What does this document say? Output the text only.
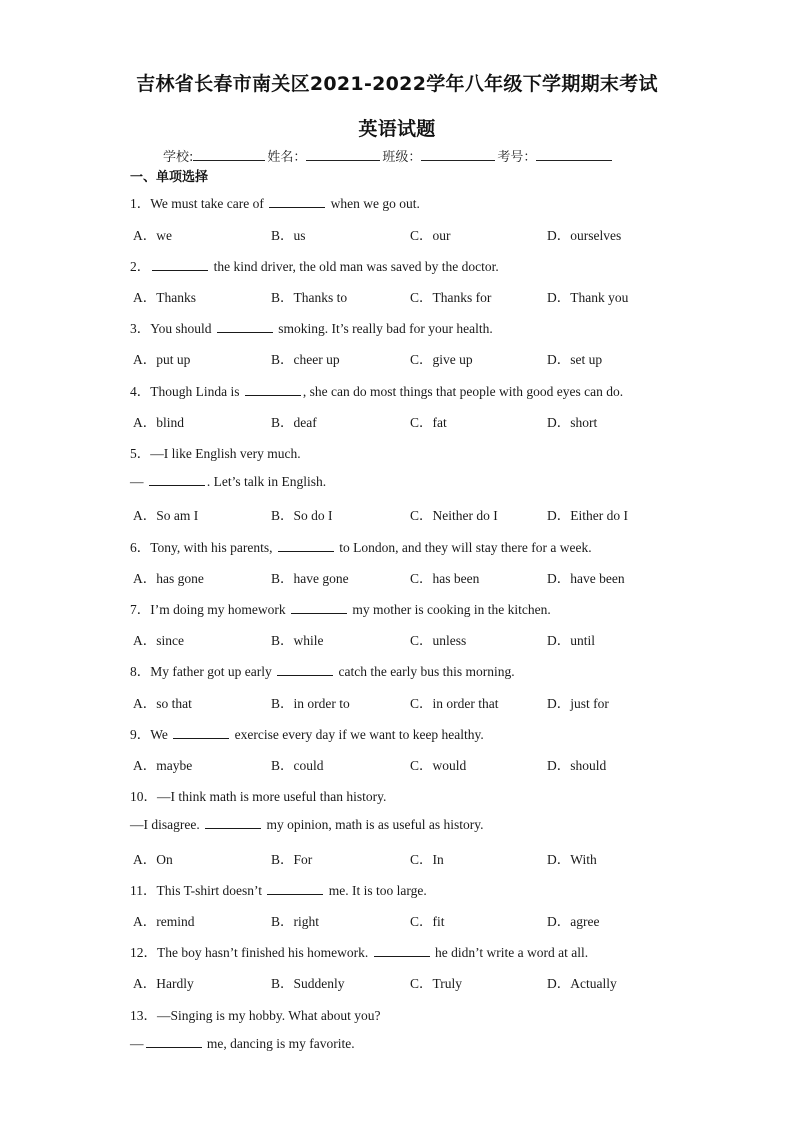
吉林省长春市南关区2021-2022学年八年级下学期期末考试
英语试题
学校:	姓名：	班级：	考号：
一、单项选择
1．We must take care of	when we go out.
A．we	B．us	C．our	D．ourselves
2．	the kind driver, the old man was saved by the doctor.
A．Thanks	B．Thanks to	C．Thanks for	D．Thank you
3．You should	smoking. It’s really bad for your health.
A．put up	B．cheer up	C．give up	D．set up
4．Though Linda is	, she can do most things that people with good eyes can do.
A．blind	B．deaf	C．fat	D．short
5．—I like English very much.
—	. Let’s talk in English.
A．So am I	B．So do I	C．Neither do I	D．Either do I
6．Tony, with his parents,	to London, and they will stay there for a week.
A．has gone	B．have gone	C．has been	D．have been
7．I’m doing my homework	my mother is cooking in the kitchen.
A．since	B．while	C．unless	D．until
8．My father got up early	catch the early bus this morning.
A．so that	B．in order to	C．in order that	D．just for
9．We	exercise every day if we want to keep healthy.
A．maybe	B．could	C．would	D．should
10．—I think math is more useful than history.
—I disagree.	my opinion, math is as useful as history.
A．On	B．For	C．In	D．With
11．This T-shirt doesn’t	me. It is too large.
A．remind	B．right	C．fit	D．agree
12．The boy hasn’t finished his homework.	he didn’t write a word at all.
A．Hardly	B．Suddenly	C．Truly	D．Actually
13．—Singing is my hobby. What about you?
—	me, dancing is my favorite.
